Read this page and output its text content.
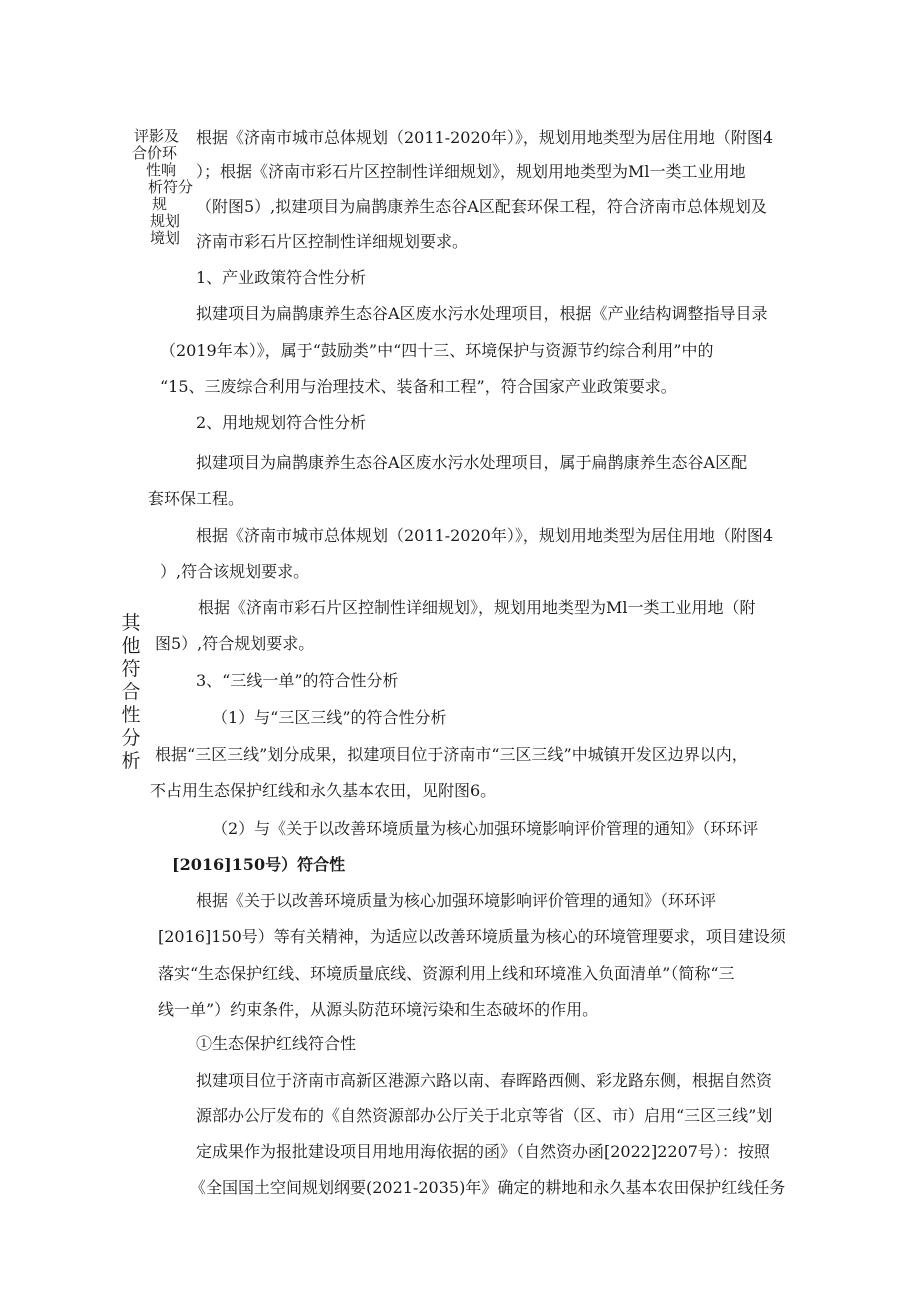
评影及
合价环
性响
析符分
规
规划
境划
其他符合性分析
根据《济南市城市总体规划（2011-2020年）》，规划用地类型为居住用地（附图4
）；根据《济南市彩石片区控制性详细规划》，规划用地类型为Ml一类工业用地
（附图5）,拟建项目为扁鹊康养生态谷A区配套环保工程，符合济南市总体规划及
济南市彩石片区控制性详细规划要求。
1、产业政策符合性分析
拟建项目为扁鹊康养生态谷A区废水污水处理项目，根据《产业结构调整指导目录
（2019年本）》，属于“鼓励类”中“四十三、环境保护与资源节约综合利用”中的
“15、三废综合利用与治理技术、装备和工程”，符合国家产业政策要求。
2、用地规划符合性分析
拟建项目为扁鹊康养生态谷A区废水污水处理项目，属于扁鹊康养生态谷A区配
套环保工程。
根据《济南市城市总体规划（2011-2020年）》，规划用地类型为居住用地（附图4
）,符合该规划要求。
根据《济南市彩石片区控制性详细规划》，规划用地类型为Ml一类工业用地（附
图5）,符合规划要求。
3、“三线一单”的符合性分析
（1）与“三区三线”的符合性分析
根据“三区三线”划分成果，拟建项目位于济南市“三区三线”中城镇开发区边界以内，
不占用生态保护红线和永久基本农田，见附图6。
（2）与《关于以改善环境质量为核心加强环境影响评价管理的通知》（环环评
[2016]150号）符合性
根据《关于以改善环境质量为核心加强环境影响评价管理的通知》（环环评
[2016]150号）等有关精神，为适应以改善环境质量为核心的环境管理要求，项目建设须
落实“生态保护红线、环境质量底线、资源利用上线和环境准入负面清单”（简称“三
线一单”）约束条件，从源头防范环境污染和生态破坏的作用。
①生态保护红线符合性
拟建项目位于济南市高新区港源六路以南、春晖路西侧、彩龙路东侧，根据自然资
源部办公厅发布的《自然资源部办公厅关于北京等省（区、市）启用“三区三线”划
定成果作为报批建设项目用地用海依据的函》（自然资办函[2022]2207号）：按照
《全国国土空间规划纲要(2021-2035)年》确定的耕地和永久基本农田保护红线任务
